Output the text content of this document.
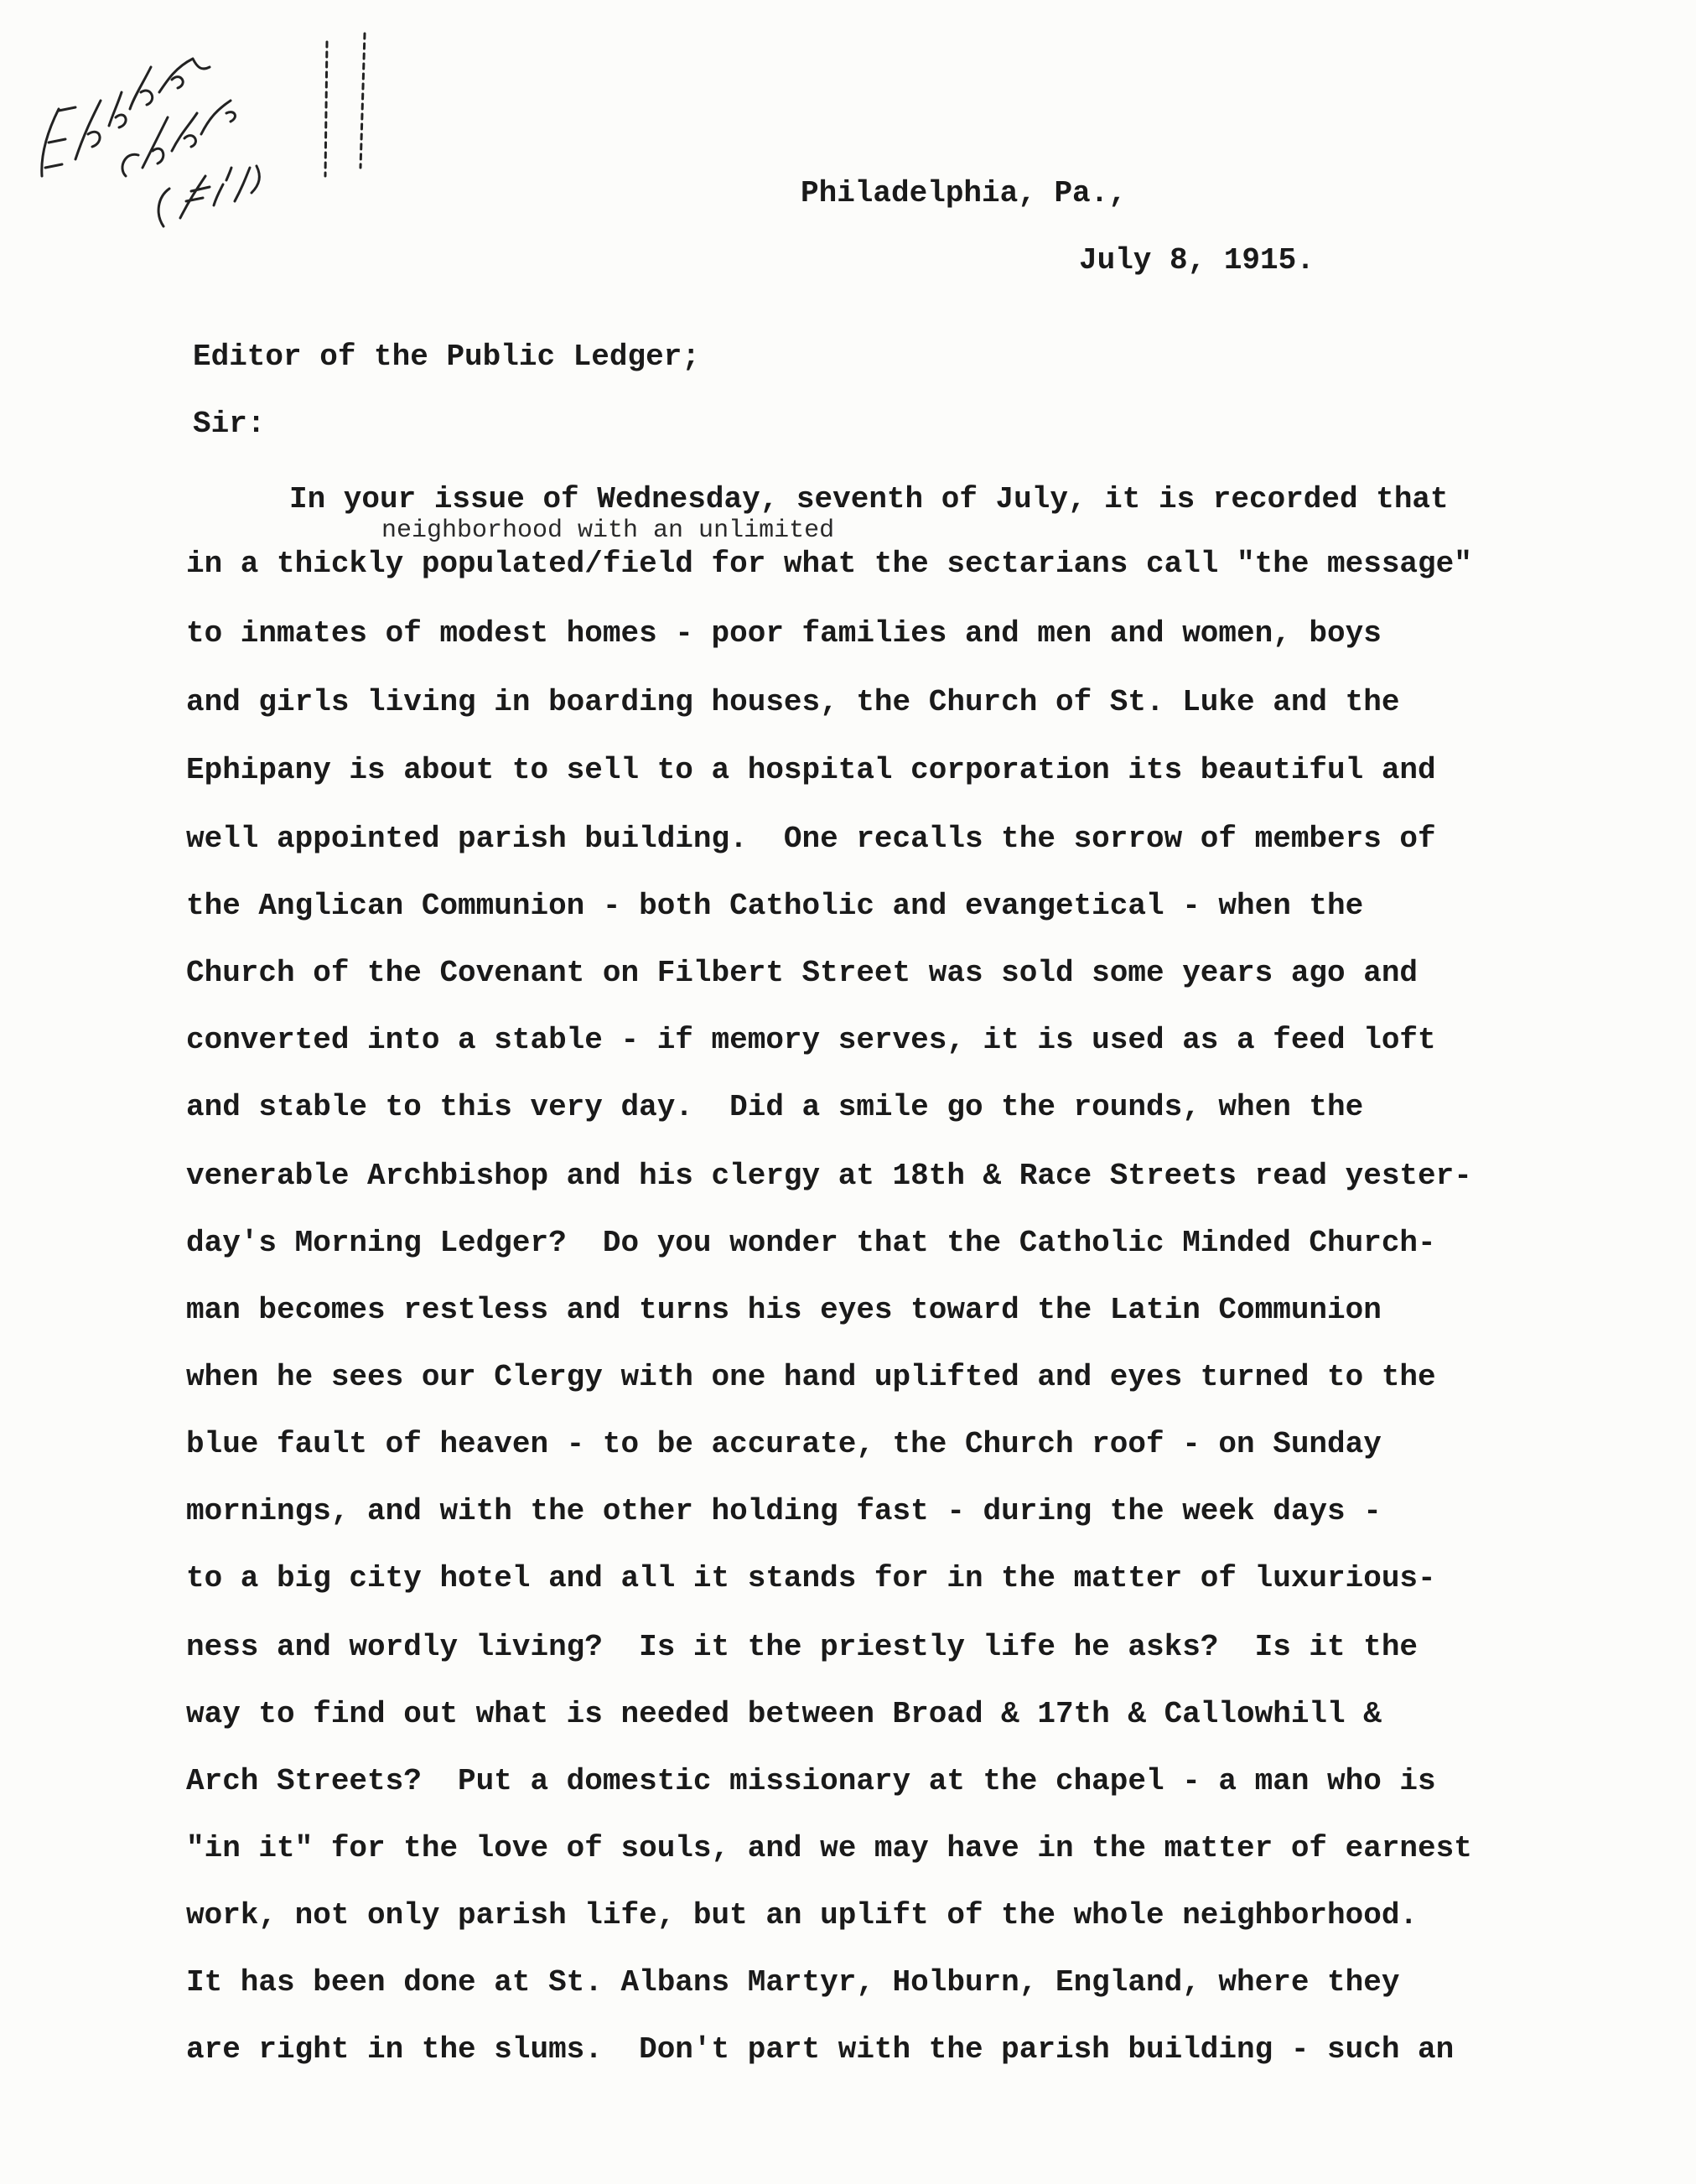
Philadelphia, Pa.,
July 8, 1915.
Editor of the Public Ledger;
Sir:
neighborhood with an unlimited
In your issue of Wednesday, seventh of July, it is recorded that
in a thickly populated/field for what the sectarians call "the message"
to inmates of modest homes - poor families and men and women, boys
and girls living in boarding houses, the Church of St. Luke and the
Ephipany is about to sell to a hospital corporation its beautiful and
well appointed parish building.  One recalls the sorrow of members of
the Anglican Communion - both Catholic and evangetical - when the
Church of the Covenant on Filbert Street was sold some years ago and
converted into a stable - if memory serves, it is used as a feed loft
and stable to this very day.  Did a smile go the rounds, when the
venerable Archbishop and his clergy at 18th & Race Streets read yester-
day's Morning Ledger?  Do you wonder that the Catholic Minded Church-
man becomes restless and turns his eyes toward the Latin Communion
when he sees our Clergy with one hand uplifted and eyes turned to the
blue fault of heaven - to be accurate, the Church roof - on Sunday
mornings, and with the other holding fast - during the week days -
to a big city hotel and all it stands for in the matter of luxurious-
ness and wordly living?  Is it the priestly life he asks?  Is it the
way to find out what is needed between Broad & 17th & Callowhill &
Arch Streets?  Put a domestic missionary at the chapel - a man who is
"in it" for the love of souls, and we may have in the matter of earnest
work, not only parish life, but an uplift of the whole neighborhood.
It has been done at St. Albans Martyr, Holburn, England, where they
are right in the slums.  Don't part with the parish building - such an
